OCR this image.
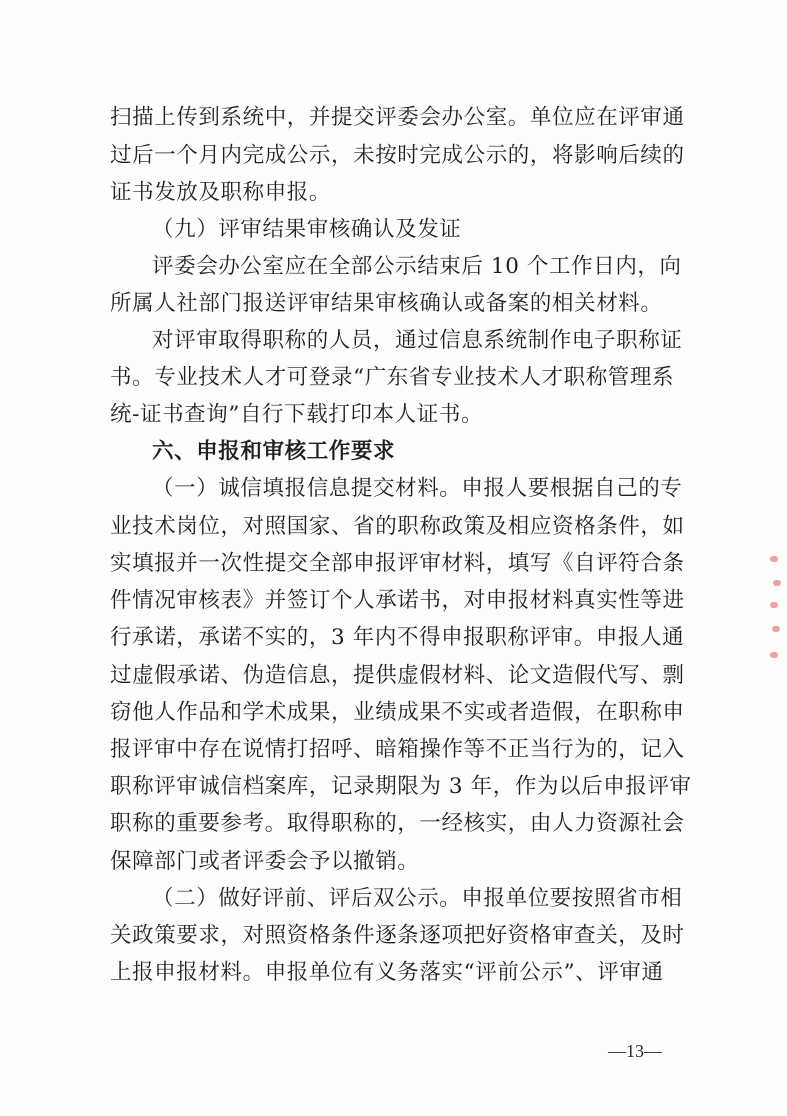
扫描上传到系统中，并提交评委会办公室。单位应在评审通
过后一个月内完成公示，未按时完成公示的，将影响后续的
证书发放及职称申报。
（九）评审结果审核确认及发证
评委会办公室应在全部公示结束后 10 个工作日内，向
所属人社部门报送评审结果审核确认或备案的相关材料。
对评审取得职称的人员，通过信息系统制作电子职称证
书。专业技术人才可登录“广东省专业技术人才职称管理系
统-证书查询”自行下载打印本人证书。
六、申报和审核工作要求
（一）诚信填报信息提交材料。申报人要根据自己的专
业技术岗位，对照国家、省的职称政策及相应资格条件，如
实填报并一次性提交全部申报评审材料，填写《自评符合条
件情况审核表》并签订个人承诺书，对申报材料真实性等进
行承诺，承诺不实的，3 年内不得申报职称评审。申报人通
过虚假承诺、伪造信息，提供虚假材料、论文造假代写、剽
窃他人作品和学术成果，业绩成果不实或者造假，在职称申
报评审中存在说情打招呼、暗箱操作等不正当行为的，记入
职称评审诚信档案库，记录期限为 3 年，作为以后申报评审
职称的重要参考。取得职称的，一经核实，由人力资源社会
保障部门或者评委会予以撤销。
（二）做好评前、评后双公示。申报单位要按照省市相
关政策要求，对照资格条件逐条逐项把好资格审查关，及时
上报申报材料。申报单位有义务落实“评前公示”、评审通
—13—
